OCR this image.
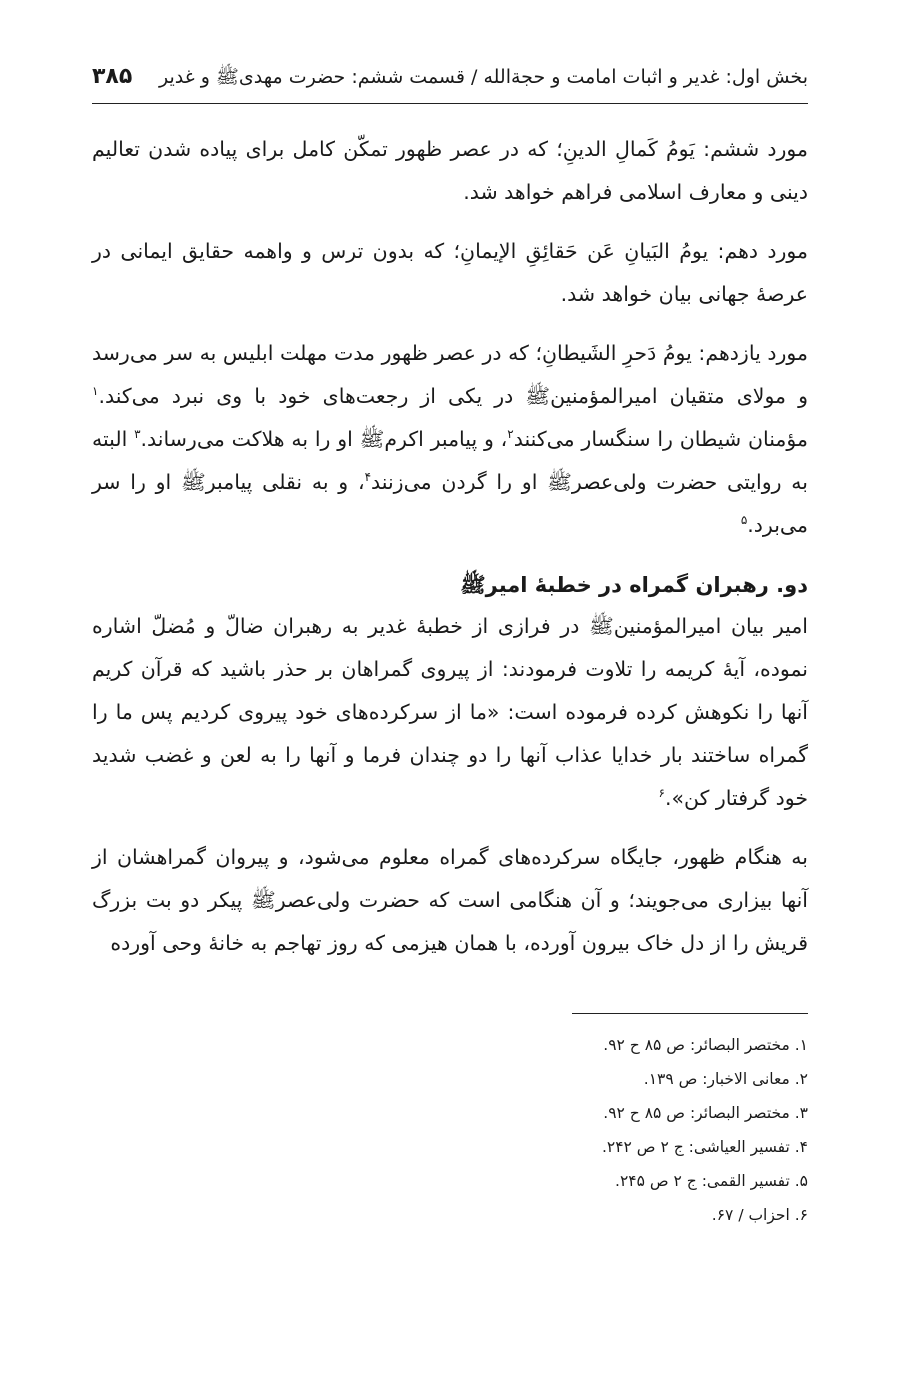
بخش اول: غدیر و اثبات امامت و حجةالله / قسمت ششم: حضرت مهدیﷺ و غدیر
۳۸۵

مورد ششم: یَومُ کَمالِ الدینِ؛ که در عصر ظهور تمکّن کامل برای پیاده شدن تعالیم دینی و معارف اسلامی فراهم خواهد شد.

مورد دهم: یومُ البَیانِ عَن حَقائِقِ الإیمانِ؛ که بدون ترس و واهمه حقایق ایمانی در عرصهٔ جهانی بیان خواهد شد.

مورد یازدهم: یومُ دَحرِ الشَیطانِ؛ که در عصر ظهور مدت مهلت ابلیس به سر می‌رسد و مولای متقیان امیرالمؤمنینﷺ در یکی از رجعت‌های خود با وی نبرد می‌کند.$^۱$ مؤمنان شیطان را سنگسار می‌کنند$^۲$، و پیامبر اکرمﷺ او را به هلاکت می‌رساند.$^۳$ البته به روایتی حضرت ولی‌عصرﷺ او را گردن می‌زنند$^۴$، و به نقلی پیامبرﷺ او را سر می‌برد.$^۵$

دو. رهبران گمراه در خطبهٔ امیرﷺ

امیر بیان امیرالمؤمنینﷺ در فرازی از خطبهٔ غدیر به رهبران ضالّ و مُضلّ اشاره نموده، آیهٔ کریمه را تلاوت فرمودند: از پیروی گمراهان بر حذر باشید که قرآن کریم آنها را نکوهش کرده فرموده است: «ما از سرکرده‌های خود پیروی کردیم پس ما را گمراه ساختند بار خدایا عذاب آنها را دو چندان فرما و آنها را به لعن و غضب شدید خود گرفتار کن».$^۶$

به هنگام ظهور، جایگاه سرکرده‌های گمراه معلوم می‌شود، و پیروان گمراهشان از آنها بیزاری می‌جویند؛ و آن هنگامی است که حضرت ولی‌عصرﷺ پیکر دو بت بزرگ قریش را از دل خاک بیرون آورده، با همان هیزمی که روز تهاجم به خانهٔ وحی آورده

۱. مختصر البصائر: ص ۸۵ ح ۹۲.

۲. معانی الاخبار: ص ۱۳۹.

۳. مختصر البصائر: ص ۸۵ ح ۹۲.

۴. تفسیر العیاشی: ج ۲ ص ۲۴۲.

۵. تفسیر القمی: ج ۲ ص ۲۴۵.

۶. احزاب / ۶۷.
